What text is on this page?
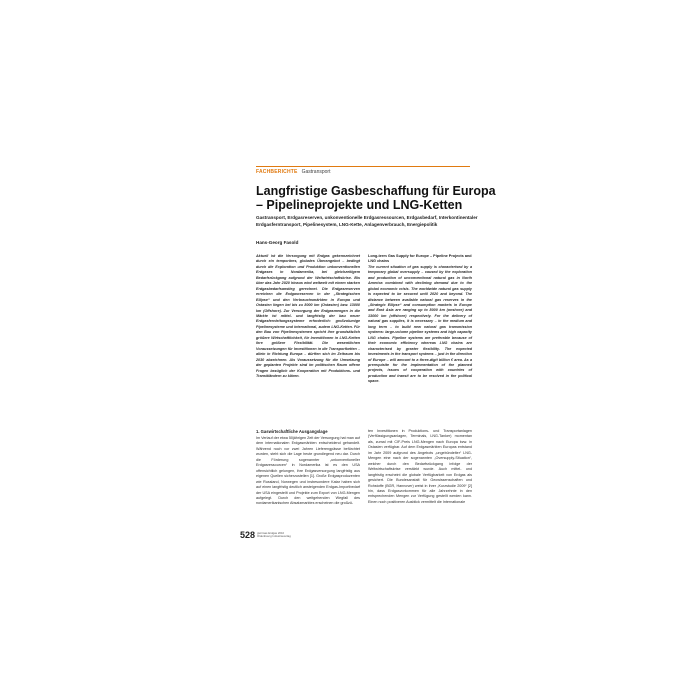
FACHBERICHTE Gastransport
Langfristige Gasbeschaffung für Europa – Pipelineprojekte und LNG-Ketten

Gastransport, Erdgasreserven, unkonventionelle Erdgasressourcen, Erdgasbedarf, Interkontinentaler Erdgasferntransport, Pipelinesystem, LNG-Kette, Anlagenverbrauch, Energiepolitik

Hans-Georg Fasold

Aktuell ist die Versorgung mit Erdgas gekennzeichnet durch ein temporäres, globales Überangebot – bedingt durch die Exploration und Produktion unkonventionellen Erdgases in Nordamerika, bei gleichzeitigem Bedarfsrückgang aufgrund der Weltwirtschaftskrise. Bis über das Jahr 2020 hinaus wird weltweit mit einem starken Erdgasbedarfsanstieg gerechnet. Die Erdgasreserven erreichen die Erdgasreserven in der „Strategischen Ellipse“ und den Verbrauchsmärkten in Europa und Ostasien liegen bei bis zu 8000 km (Ostasien) bzw. 13000 km (Offshore). Zur Versorgung der Erdgasmengen in die Märkte ist mittel- und langfristig der bau neuer Erdgasfernleitungssysteme erforderlich: großvolumige Pipelinesysteme und international, zudem LNG-Ketten. Für den Bau von Pipelinesystemen spricht ihre grundsätzlich größere Wirtschaftlichkeit, für Investitionen in LNG-Ketten ihre größere Flexibilität. Die wesentlichen Voraussetzungen für Investitionen in die Transportketten – allein in Richtung Europa – dürften sich im Zeitraum bis 2030 abzeichnen. Als Voraussetzung für die Umsetzung der geplanten Projekte sind im politischen Raum offene Fragen bezüglich der Kooperation mit Produktions- und Transitländern zu klären.

Long-term Gas Supply for Europe – Pipeline Projects and LNG chains

The current situation of gas supply is characterised by a temporary global oversupply – caused by the exploration and production of unconventional natural gas in North America combined with declining demand due to the global economic crisis. The worldwide natural gas supply is expected to be secured until 2020 and beyond. The distance between available natural gas reserves in the „Strategic Ellipse“ and consumption markets in Europe and East Asia are ranging up to 8000 km (onshore) and 13000 km (offshore) respectively. For the delivery of natural gas supplies, it is necessary – in the medium and long term – to build new natural gas transmission systems: large-volume pipeline systems and high capacity LNG chains. Pipeline systems are preferable because of their economic efficiency whereas LNG chains are characterised by greater flexibility. The expected investments in the transport systems – just in the direction of Europe – will amount to a three-digit billion € area. As a prerequisite for the implementation of the planned projects, issues of cooperation with countries of production and transit are to be resolved in the political space.

1. Gaswirtschaftliche Ausgangslage

Im Verlauf der etwa 50jährigen Zeit der Versorgung hat man auf dem internationalen Erdgasmärkten entscheidend gehandelt. Während noch vor zwei Jahren Lieferengpässe befürchtet wurden, steht sich die Lage heute grundlegend neu dar. Durch die Förderung sogenannter „unkonventioneller Erdgasressourcen“ in Nordamerika ist es den USA offensichtlich gelungen, ihre Erdgasversorgung langfristig aus eigenen Quellen sicherzustellen [1]. Große Erdgasproduzenten wie Russland, Norwegen und insbesondere Katar haben sich auf einen langfristig deutlich ansteigenden Erdgas-Importbedarf der USA eingestellt und Projekte zum Export von LNG-Mengen aufgelegt. Durch den weitgehenden Wegfall des nordamerikanischen Absatzmarktes erscheinen die großzü-

ten Investitionen in Produktions- und Transportanlagen (Verflüssigungsanlagen, Terminals, LNG-Tanker) momentan als, zumal mit CIF-Preis LNG-Mengen nach Europa bzw. in Ostasien verfügbar. Auf dem Erdgasmärkten Europas entstand im Jahr 2009 aufgrund des Angebots „ungebündelter“ LNG-Mengen eine nach der sogenannten „Oversupply-Situation“, welcher durch den Bedarfsrückgang infolge der Weltwirtschaftskrise verstärkt wurde. Auch mittel- und langfristig erscheint die globale Verfügbarkeit von Erdgas als gesichert. Die Bundesanstalt für Geowissenschaften und Rohstoffe (BGR, Hannover) weist in ihrer „Kurzstudie 2009“ [2] hin, dass Erdgasvorkommen für alle Jahrzehnte in den entsprechenden Mengen zur Verfügung gestellt werden kann. Einen noch positiveren Ausblick vermittelt die Internationale

528 gwf-Gas Erdgas 2010
Oldenbourg Industrieverlag
